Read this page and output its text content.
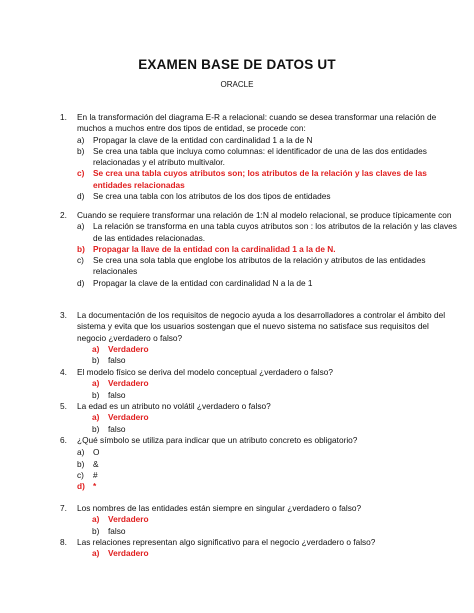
EXAMEN BASE DE DATOS UT
ORACLE
1.	En la transformación del diagrama E-R a relacional: cuando se desea transformar una relación de muchos a muchos entre dos tipos de entidad, se procede con:
a)	Propagar la clave de la entidad con cardinalidad 1 a la de N
b)	Se crea una tabla que incluya como columnas: el identificador de una de las dos entidades relacionadas y el atributo multivalor.
c)	Se crea una tabla cuyos atributos son; los atributos de la relación y las claves de las entidades relacionadas
d)	Se crea una tabla con los atributos de los dos tipos de entidades
2.	Cuando se requiere transformar una relación de 1:N al modelo relacional, se produce típicamente con
a)	La relación se transforma en una tabla cuyos atributos son : los atributos de la relación y las claves de las entidades relacionadas.
b) Propagar la llave de la entidad con la cardinalidad 1 a la de N.
c)	Se crea una sola tabla que englobe los atributos de la relación y atributos de las entidades relacionales
d)	Propagar la clave de la entidad con cardinalidad N a la de 1
3.	La documentación de los requisitos de negocio ayuda a los desarrolladores a controlar el ámbito del sistema y evita que los usuarios sostengan que el nuevo sistema no satisface sus requisitos del negocio ¿verdadero o falso?
a)	Verdadero
b)	falso
4.	El modelo físico se deriva del modelo conceptual ¿verdadero o falso?
a)	Verdadero
b)	falso
5.	La edad es un atributo no volátil ¿verdadero o falso?
a)	Verdadero
b)	falso
6.	¿Qué símbolo se utiliza para indicar que un atributo concreto es obligatorio?
a)	O
b)	&
c)	#
d) *
7.	Los nombres de las entidades están siempre en singular ¿verdadero o falso?
a)	Verdadero
b)	falso
8.	Las relaciones representan algo significativo para el negocio ¿verdadero o falso?
a)	Verdadero
